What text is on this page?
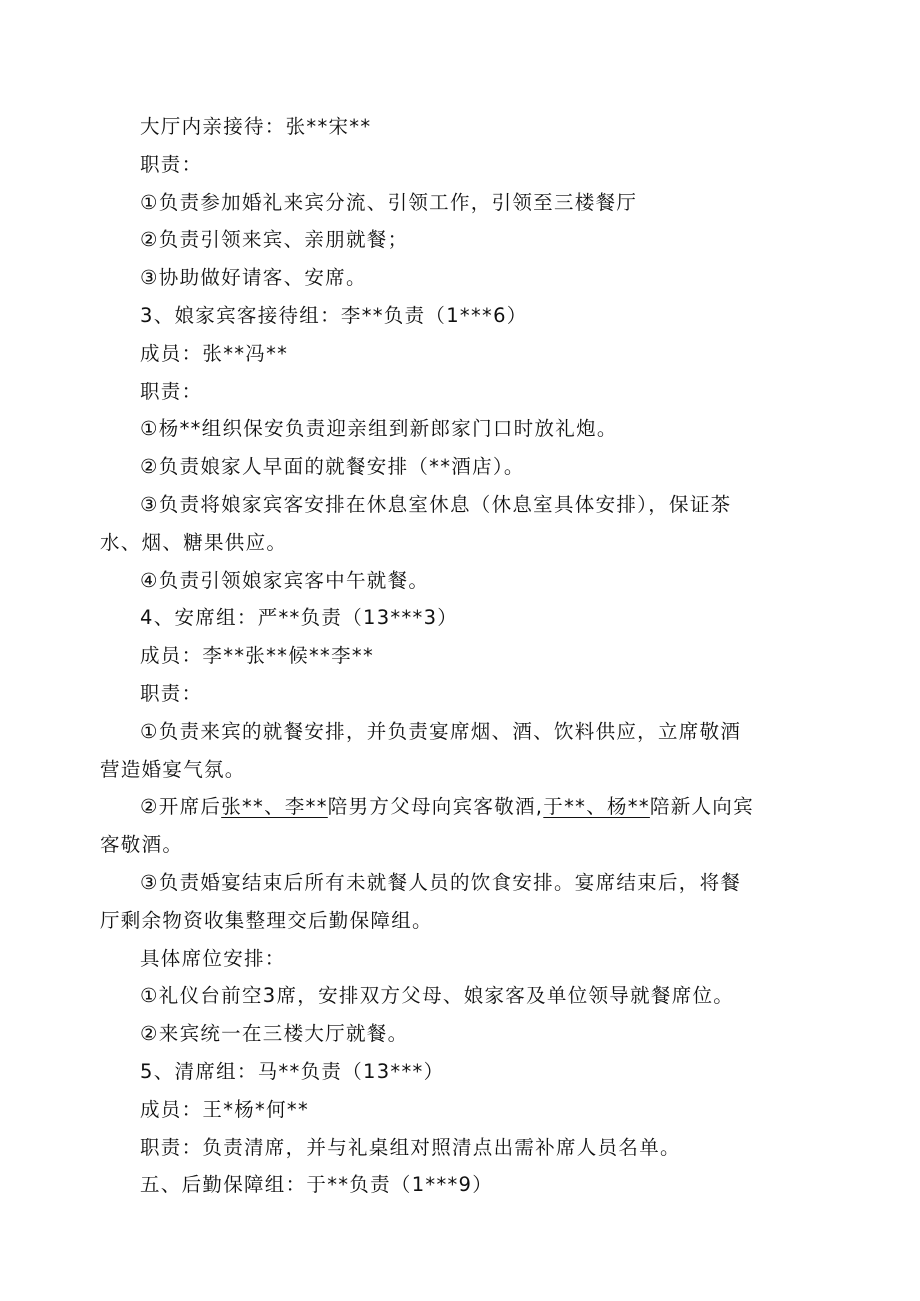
大厅内亲接待：张**宋**
职责：
①负责参加婚礼来宾分流、引领工作，引领至三楼餐厅
②负责引领来宾、亲朋就餐；
③协助做好请客、安席。
3、娘家宾客接待组：李**负责（1***6）
成员：张**冯**
职责：
①杨**组织保安负责迎亲组到新郎家门口时放礼炮。
②负责娘家人早面的就餐安排（**酒店）。
③负责将娘家宾客安排在休息室休息（休息室具体安排），保证茶
水、烟、糖果供应。
④负责引领娘家宾客中午就餐。
4、安席组：严**负责（13***3）
成员：李**张**候**李**
职责：
①负责来宾的就餐安排，并负责宴席烟、酒、饮料供应，立席敬酒
营造婚宴气氛。
②开席后张**、李**陪男方父母向宾客敬酒,于**、杨**陪新人向宾
客敬酒。
③负责婚宴结束后所有未就餐人员的饮食安排。宴席结束后，将餐
厅剩余物资收集整理交后勤保障组。
具体席位安排：
①礼仪台前空3席，安排双方父母、娘家客及单位领导就餐席位。
②来宾统一在三楼大厅就餐。
5、清席组：马**负责（13***）
成员：王*杨*何**
职责：负责清席，并与礼桌组对照清点出需补席人员名单。
五、后勤保障组：于**负责（1***9）
